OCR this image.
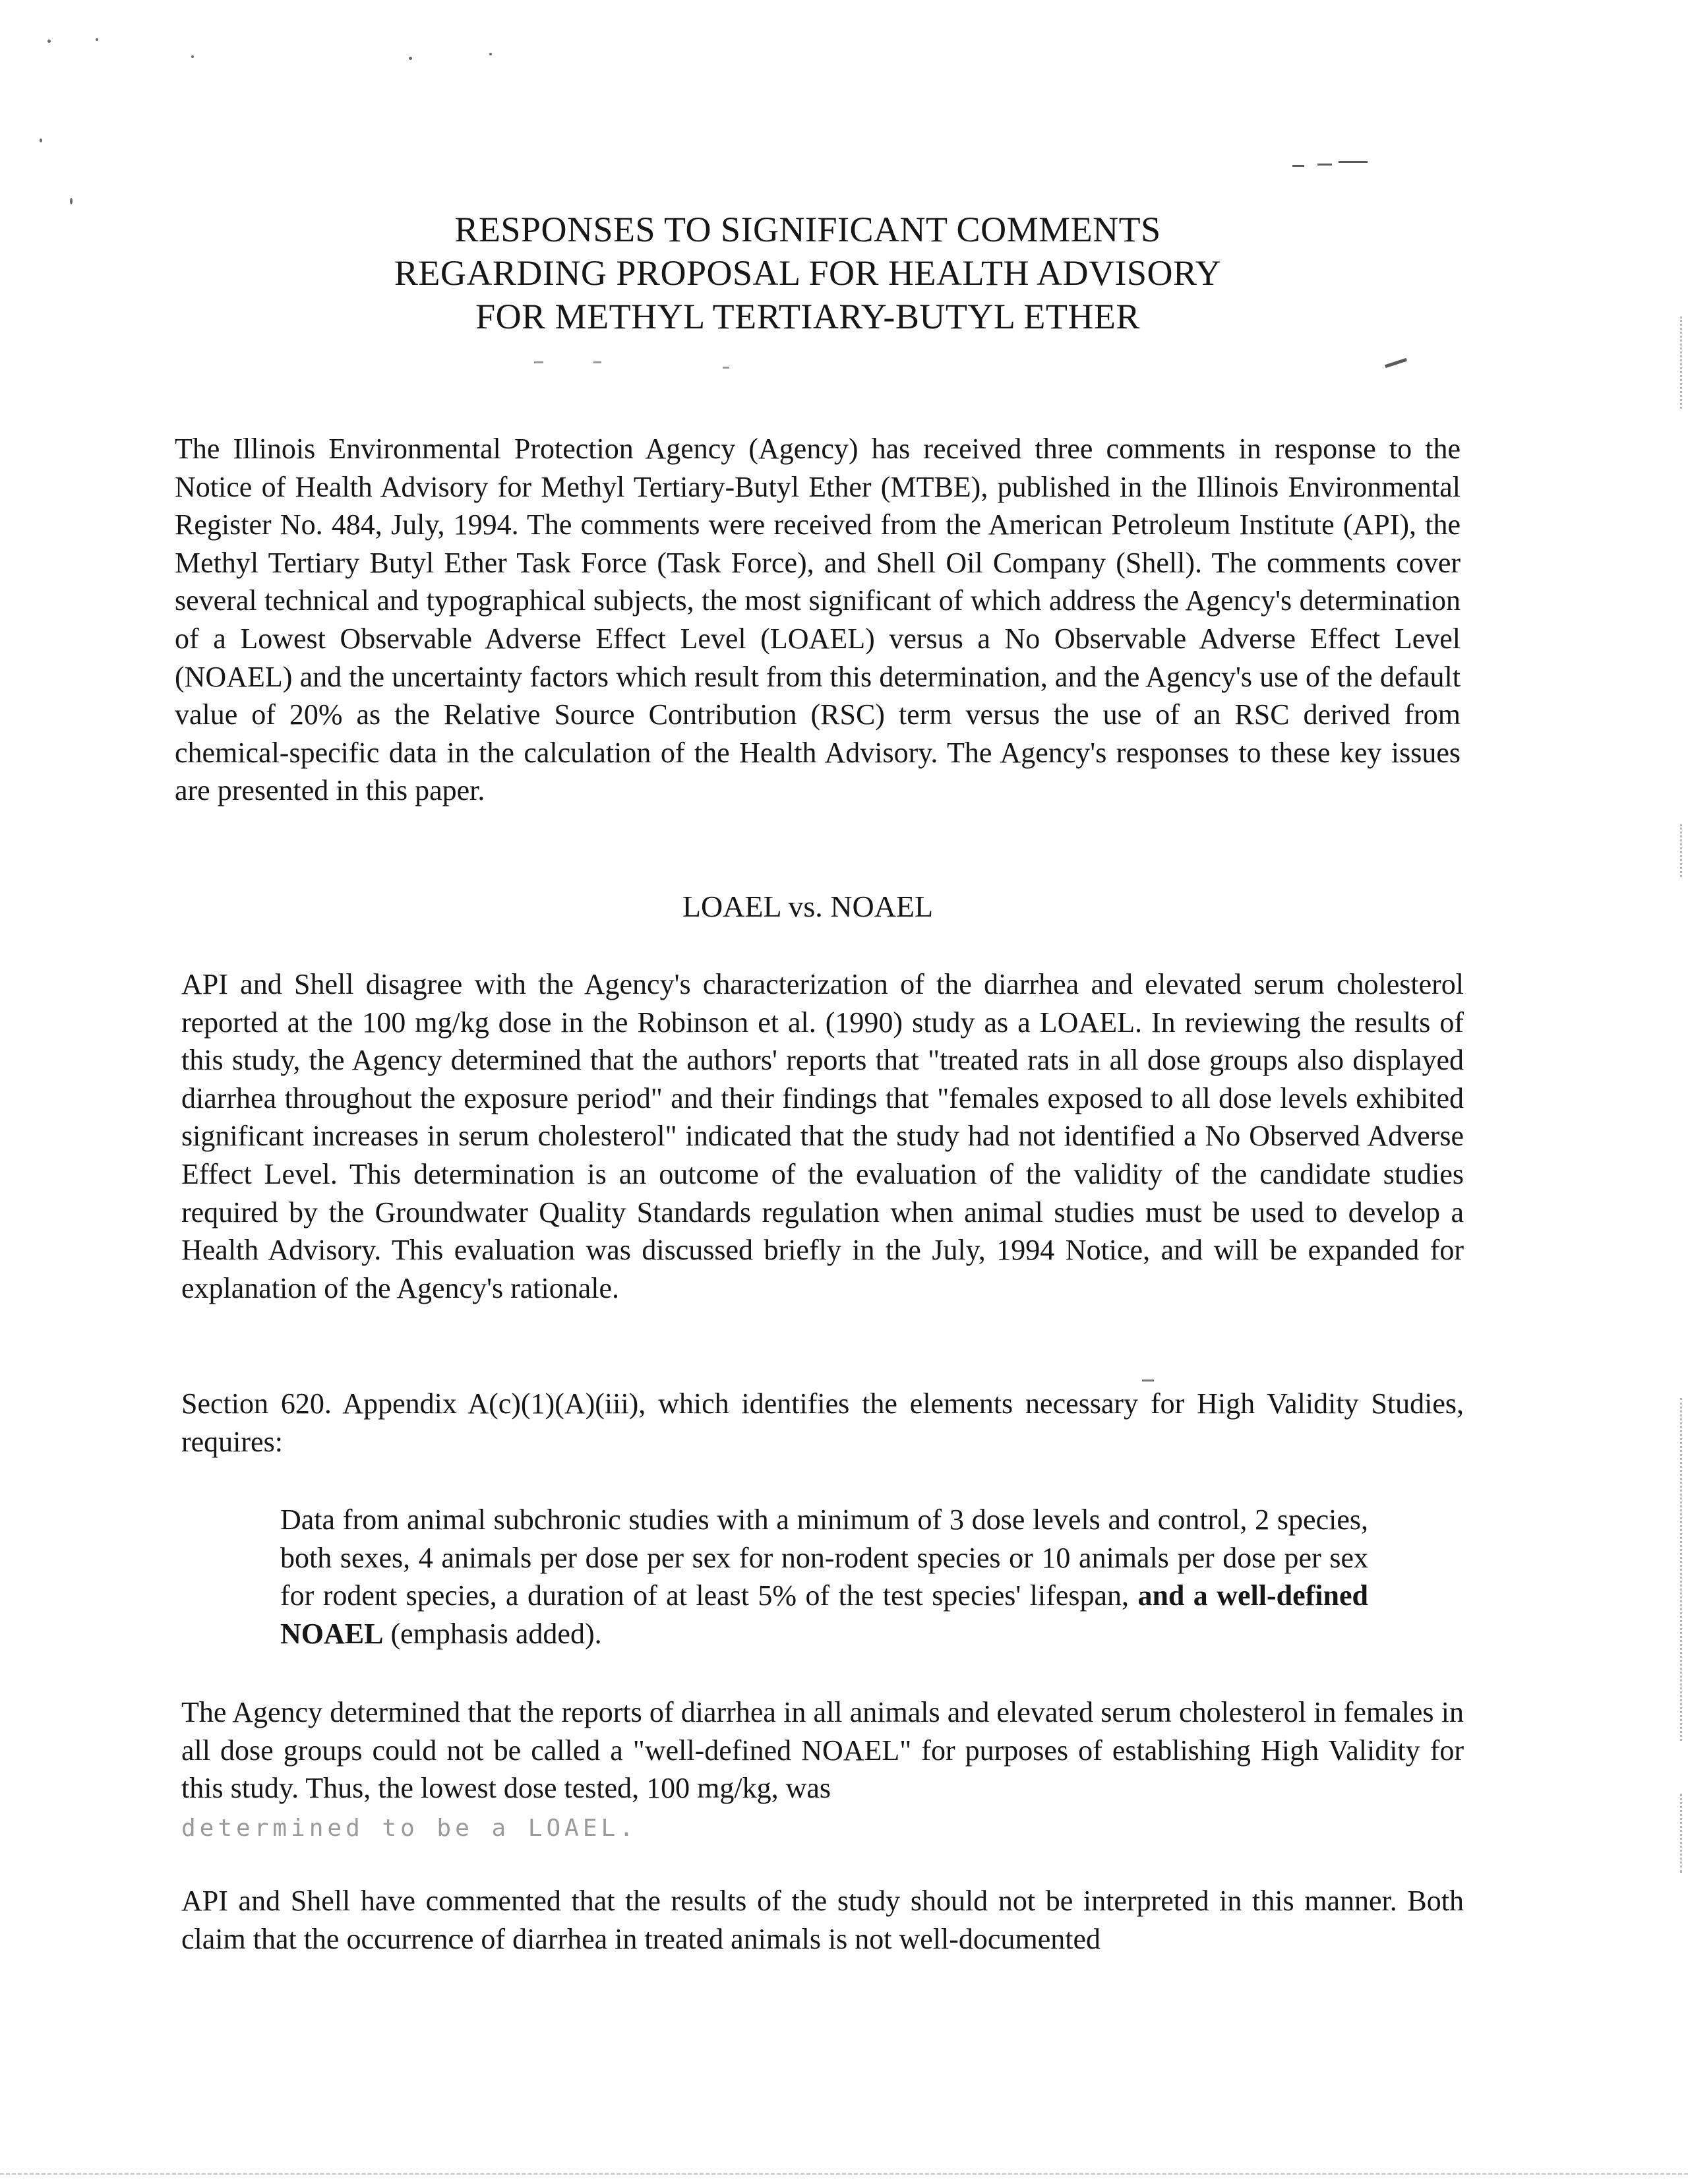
RESPONSES TO SIGNIFICANT COMMENTS
REGARDING PROPOSAL FOR HEALTH ADVISORY
FOR METHYL TERTIARY-BUTYL ETHER

The Illinois Environmental Protection Agency (Agency) has received three comments in response to the Notice of Health Advisory for Methyl Tertiary-Butyl Ether (MTBE), published in the Illinois Environmental Register No. 484, July, 1994. The comments were received from the American Petroleum Institute (API), the Methyl Tertiary Butyl Ether Task Force (Task Force), and Shell Oil Company (Shell). The comments cover several technical and typographical subjects, the most significant of which address the Agency's determination of a Lowest Observable Adverse Effect Level (LOAEL) versus a No Observable Adverse Effect Level (NOAEL) and the uncertainty factors which result from this determination, and the Agency's use of the default value of 20% as the Relative Source Contribution (RSC) term versus the use of an RSC derived from chemical-specific data in the calculation of the Health Advisory. The Agency's responses to these key issues are presented in this paper.

LOAEL vs. NOAEL

API and Shell disagree with the Agency's characterization of the diarrhea and elevated serum cholesterol reported at the 100 mg/kg dose in the Robinson et al. (1990) study as a LOAEL. In reviewing the results of this study, the Agency determined that the authors' reports that "treated rats in all dose groups also displayed diarrhea throughout the exposure period" and their findings that "females exposed to all dose levels exhibited significant increases in serum cholesterol" indicated that the study had not identified a No Observed Adverse Effect Level. This determination is an outcome of the evaluation of the validity of the candidate studies required by the Groundwater Quality Standards regulation when animal studies must be used to develop a Health Advisory. This evaluation was discussed briefly in the July, 1994 Notice, and will be expanded for explanation of the Agency's rationale.

Section 620. Appendix A(c)(1)(A)(iii), which identifies the elements necessary for High Validity Studies, requires:

Data from animal subchronic studies with a minimum of 3 dose levels and control, 2 species, both sexes, 4 animals per dose per sex for non-rodent species or 10 animals per dose per sex for rodent species, a duration of at least 5% of the test species' lifespan, and a well-defined NOAEL (emphasis added).

The Agency determined that the reports of diarrhea in all animals and elevated serum cholesterol in females in all dose groups could not be called a "well-defined NOAEL" for purposes of establishing High Validity for this study. Thus, the lowest dose tested, 100 mg/kg, was
determined to be a LOAEL.

API and Shell have commented that the results of the study should not be interpreted in this manner. Both claim that the occurrence of diarrhea in treated animals is not well-documented
